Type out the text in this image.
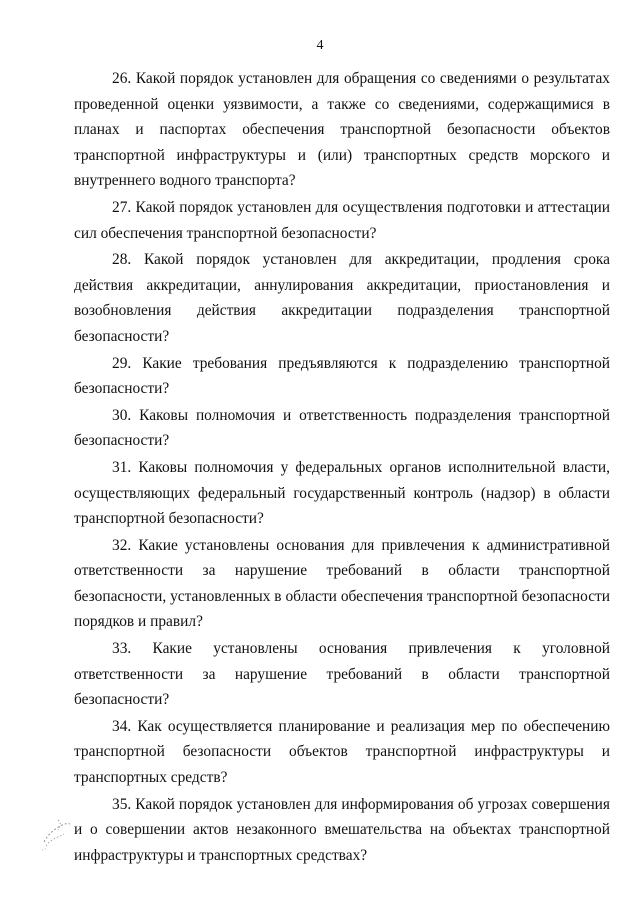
4

26. Какой порядок установлен для обращения со сведениями о результатах проведенной оценки уязвимости, а также со сведениями, содержащимися в планах и паспортах обеспечения транспортной безопасности объектов транспортной инфраструктуры и (или) транспортных средств морского и внутреннего водного транспорта?

27. Какой порядок установлен для осуществления подготовки и аттестации сил обеспечения транспортной безопасности?

28. Какой порядок установлен для аккредитации, продления срока действия аккредитации, аннулирования аккредитации, приостановления и возобновления действия аккредитации подразделения транспортной безопасности?

29. Какие требования предъявляются к подразделению транспортной безопасности?

30. Каковы полномочия и ответственность подразделения транспортной безопасности?

31. Каковы полномочия у федеральных органов исполнительной власти, осуществляющих федеральный государственный контроль (надзор) в области транспортной безопасности?

32. Какие установлены основания для привлечения к административной ответственности за нарушение требований в области транспортной безопасности, установленных в области обеспечения транспортной безопасности порядков и правил?

33. Какие установлены основания привлечения к уголовной ответственности за нарушение требований в области транспортной безопасности?

34. Как осуществляется планирование и реализация мер по обеспечению транспортной безопасности объектов транспортной инфраструктуры и транспортных средств?

35. Какой порядок установлен для информирования об угрозах совершения и о совершении актов незаконного вмешательства на объектах транспортной инфраструктуры и транспортных средствах?
